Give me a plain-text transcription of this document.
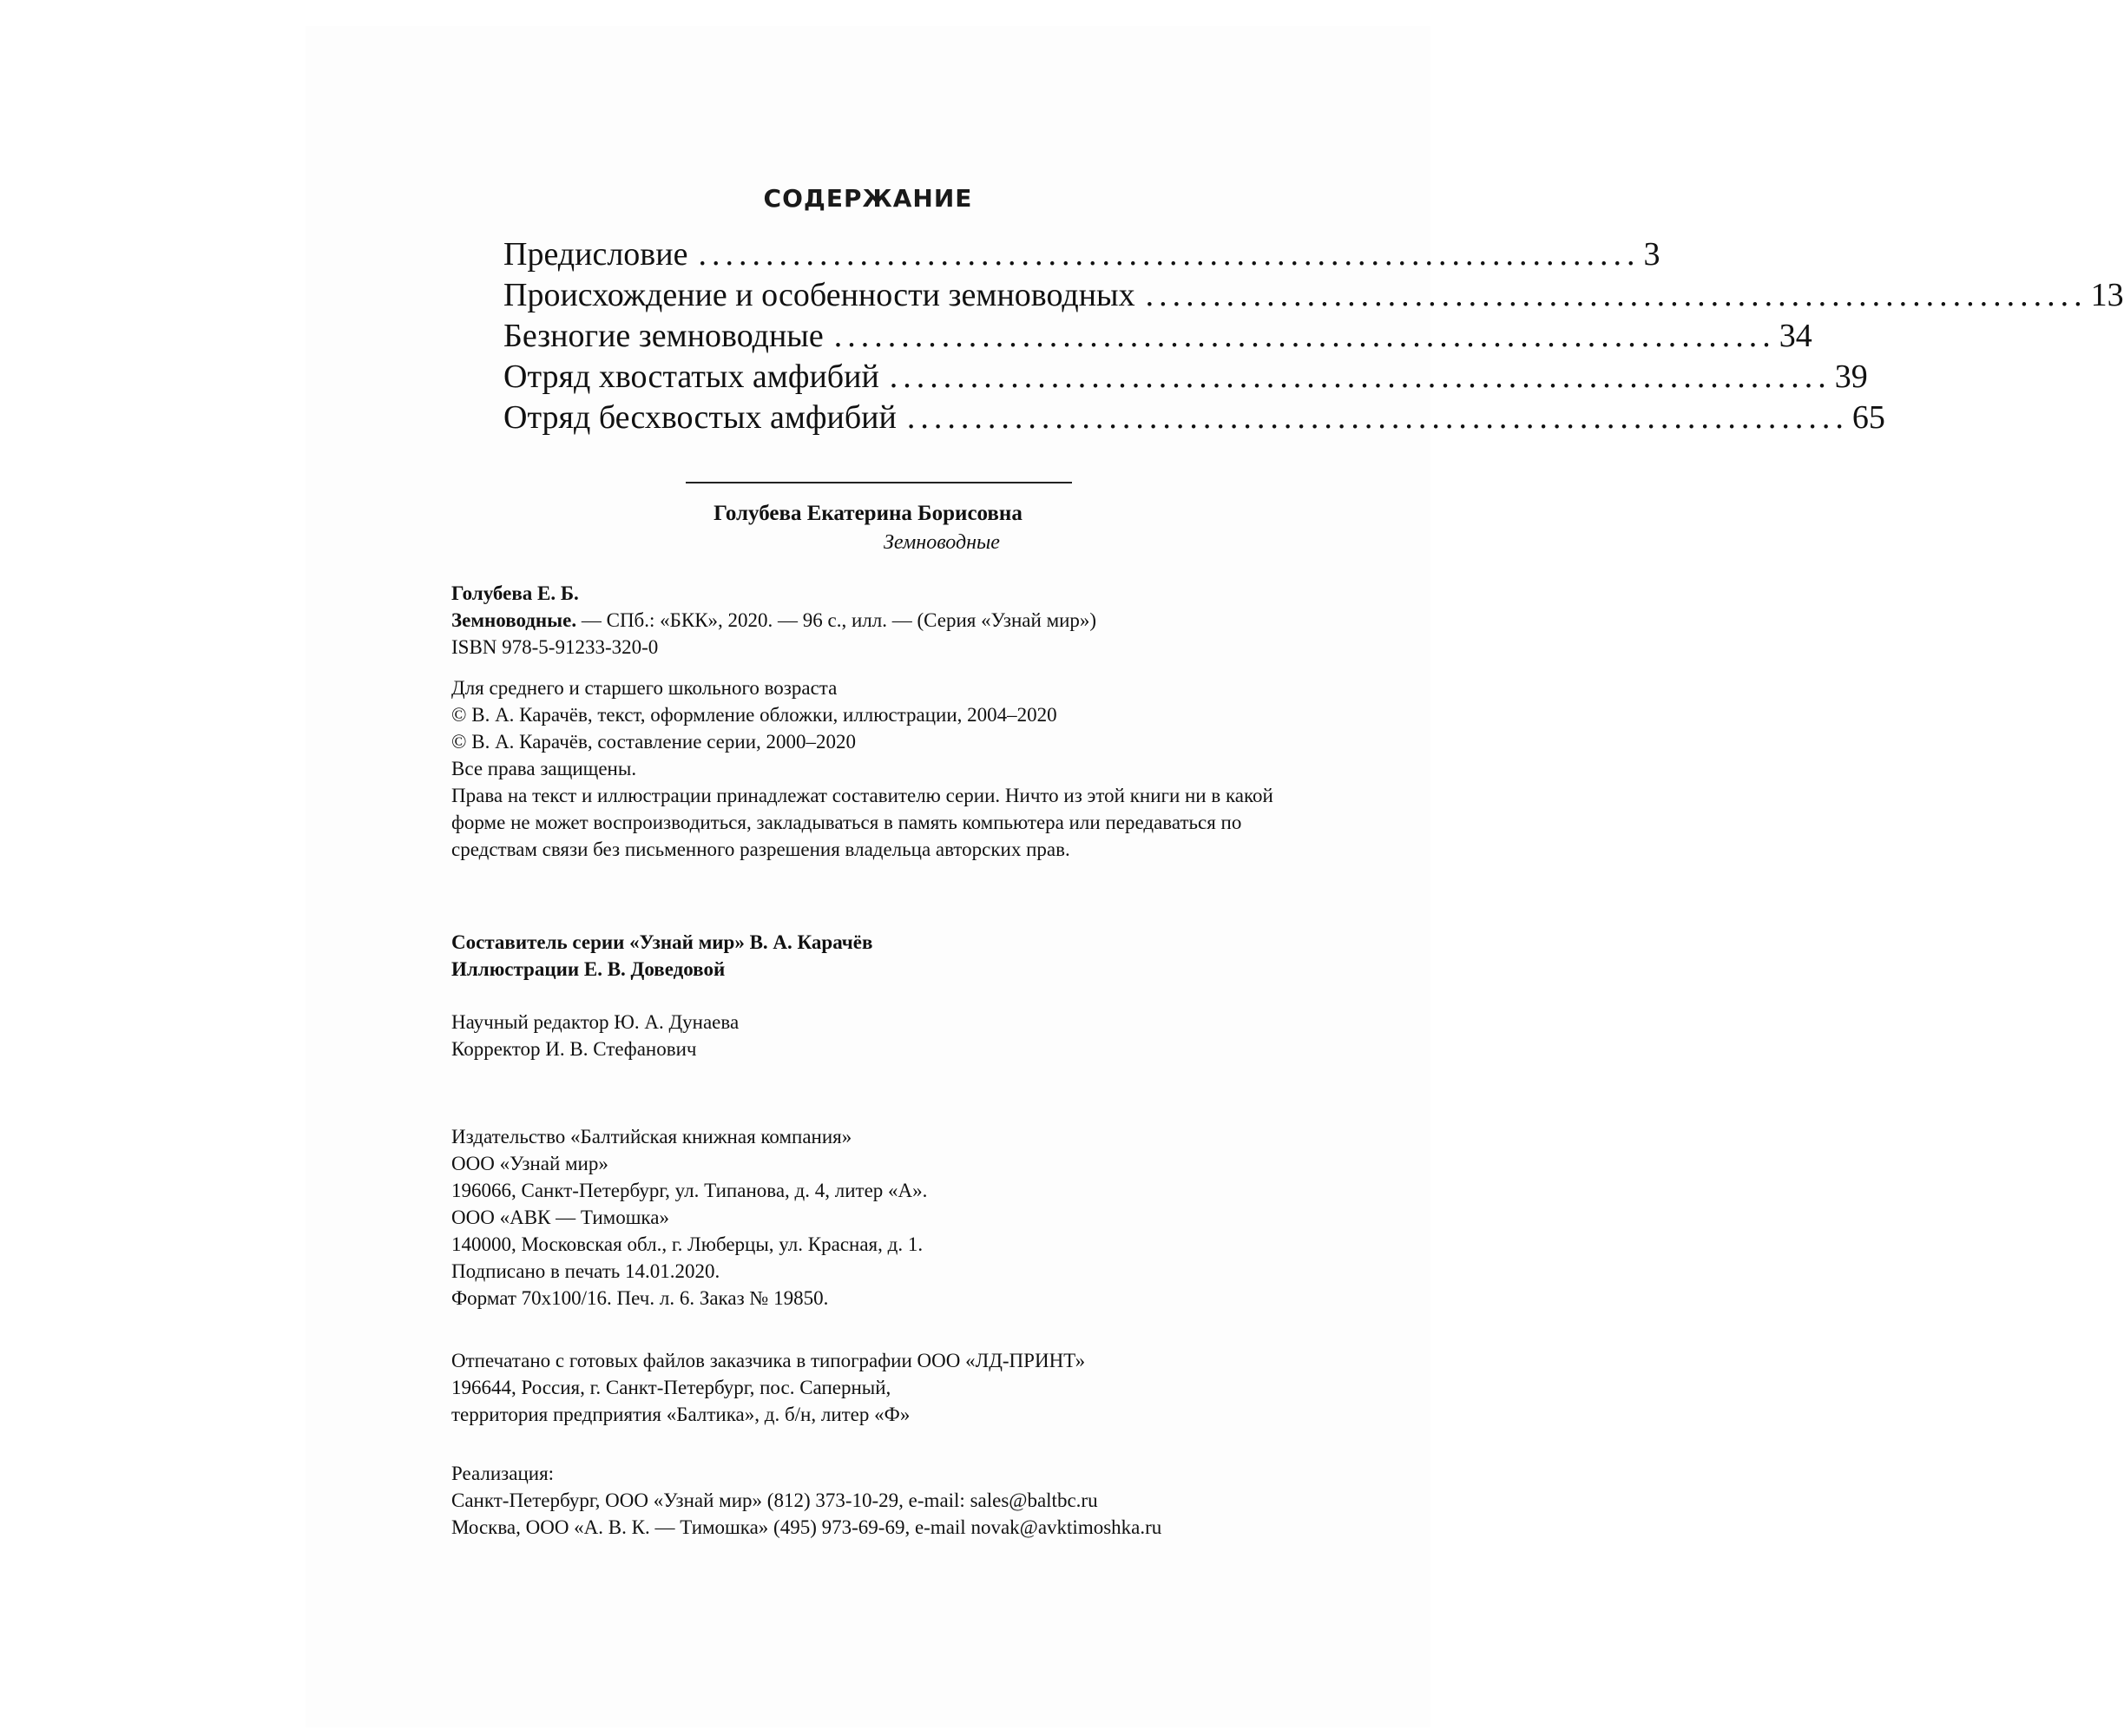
СОДЕРЖАНИЕ
Предисловие ...................................................................... 3
Происхождение и особенности земноводных ...................................................................... 13
Безногие земноводные ...................................................................... 34
Отряд хвостатых амфибий ...................................................................... 39
Отряд бесхвостых амфибий ...................................................................... 65
Голубева Екатерина Борисовна
Земноводные

Голубева Е. Б.

Земноводные. — СПб.: «БКК», 2020. — 96 с., илл. — (Серия «Узнай мир»)

ISBN 978-5-91233-320-0

Для среднего и старшего школьного возраста

© В. А. Карачёв, текст, оформление обложки, иллюстрации, 2004–2020

© В. А. Карачёв, составление серии, 2000–2020

Все права защищены.

Права на текст и иллюстрации принадлежат составителю серии. Ничто из этой книги ни в какой форме не может воспроизводиться, закладываться в память компьютера или передаваться по средствам связи без письменного разрешения владельца авторских прав.

Составитель серии «Узнай мир» В. А. Карачёв

Иллюстрации Е. В. Доведовой

Научный редактор Ю. А. Дунаева

Корректор И. В. Стефанович

Издательство «Балтийская книжная компания»

ООО «Узнай мир»

196066, Санкт-Петербург, ул. Типанова, д. 4, литер «А».

ООО «АВК — Тимошка»

140000, Московская обл., г. Люберцы, ул. Красная, д. 1.

Подписано в печать 14.01.2020.

Формат 70х100/16. Печ. л. 6. Заказ № 19850.

Отпечатано с готовых файлов заказчика в типографии ООО «ЛД-ПРИНТ»

196644, Россия, г. Санкт-Петербург, пос. Саперный,

территория предприятия «Балтика», д. б/н, литер «Ф»

Реализация:

Санкт-Петербург, ООО «Узнай мир» (812) 373-10-29, e-mail: sales@baltbc.ru

Москва, ООО «А. В. К. — Тимошка» (495) 973-69-69, e-mail novak@avktimoshka.ru
